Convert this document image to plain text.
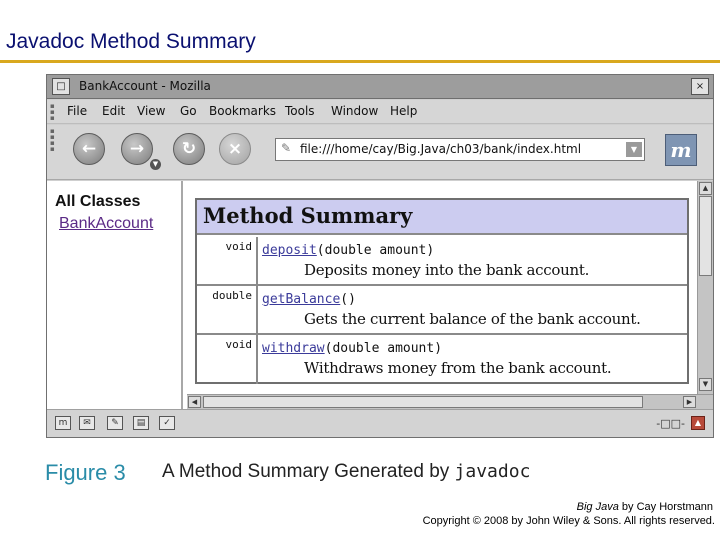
Javadoc Method Summary
□	BankAccount - Mozilla	×
▪
▪
▪ File Edit View Go Bookmarks Tools Window Help
▪
▪
▪
▪	←	→
▼
↻	×	✎ file:///home/cay/Big.Java/ch03/bank/index.html	▼ m
All Classes
BankAccount Method Summary
void deposit(double amount)
Deposits money into the bank account.
double getBalance()
Gets the current balance of the bank account.
void withdraw(double amount)
Withdraws money from the bank account.
▲
▼
◀	▶
m	✉	✎	▤	✓	-□□-	▲
Figure 3 A Method Summary Generated by javadoc
Big Java by Cay Horstmann
Copyright © 2008 by John Wiley & Sons. All rights reserved.
